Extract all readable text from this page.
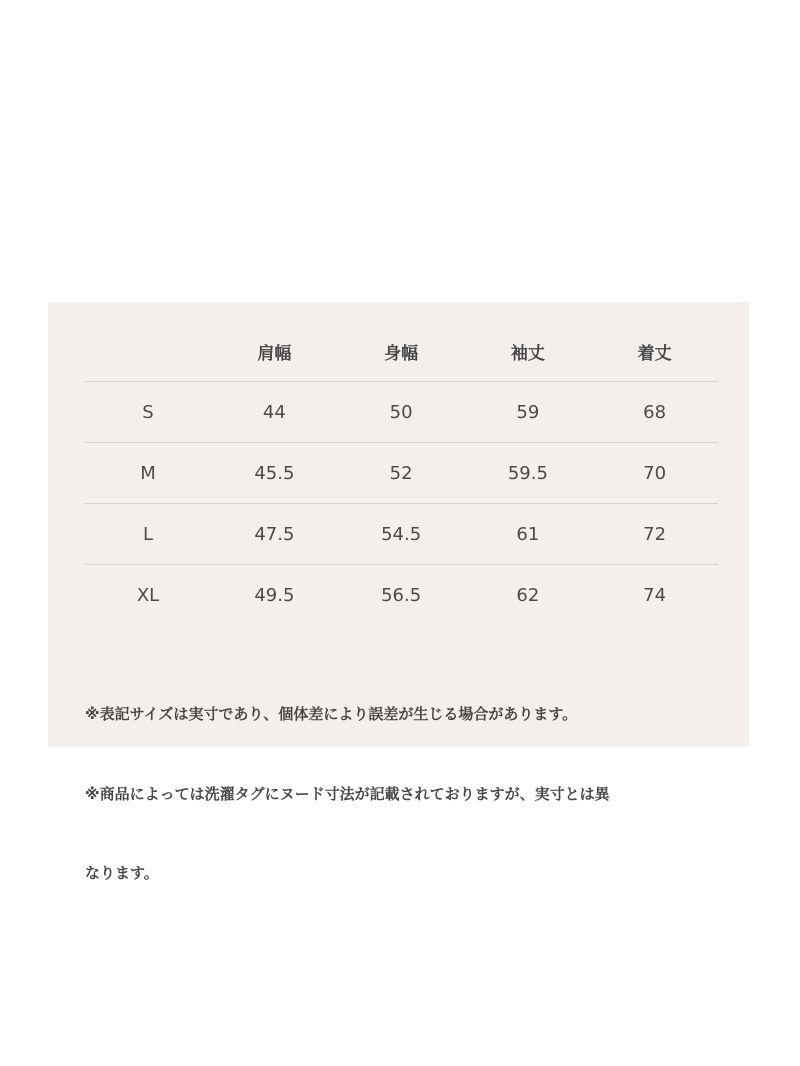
	肩幅	身幅	袖丈	着丈
S	44	50	59	68
M	45.5	52	59.5	70
L	47.5	54.5	61	72
XL	49.5	56.5	62	74

※表記サイズは実寸であり、個体差により誤差が生じる場合があります。

※商品によっては洗濯タグにヌード寸法が記載されておりますが、実寸とは異

なります。
